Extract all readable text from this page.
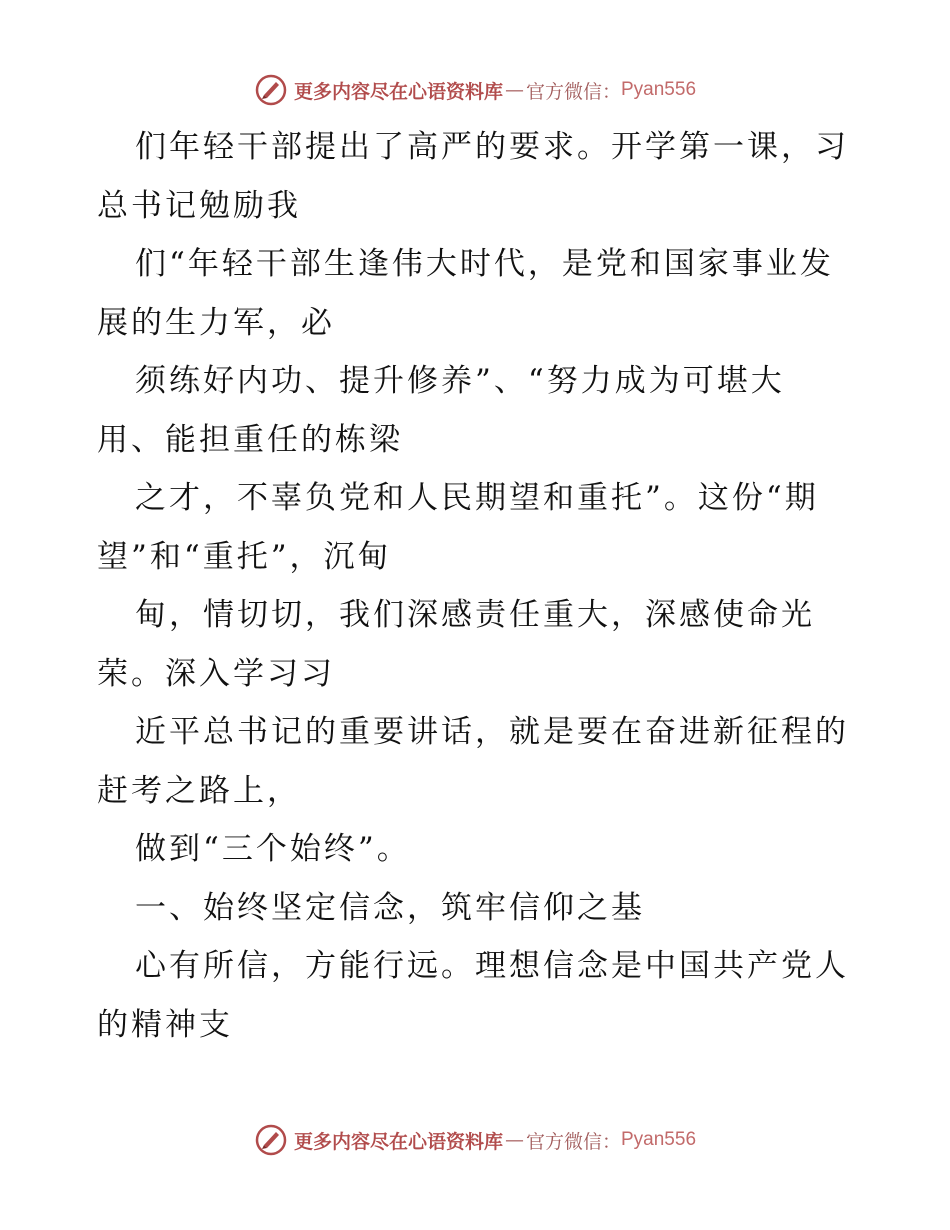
更多内容尽在心语资料库 — 官方微信： Pyan556
们年轻干部提出了高严的要求。开学第一课，习
总书记勉励我
们“年轻干部生逢伟大时代，是党和国家事业发
展的生力军，必
须练好内功、提升修养”、“努力成为可堪大
用、能担重任的栋梁
之才，不辜负党和人民期望和重托”。这份“期
望”和“重托”，沉甸
甸，情切切，我们深感责任重大，深感使命光
荣。深入学习习
近平总书记的重要讲话，就是要在奋进新征程的
赶考之路上，
做到“三个始终”。
一、始终坚定信念，筑牢信仰之基
心有所信，方能行远。理想信念是中国共产党人
的精神支
更多内容尽在心语资料库 — 官方微信： Pyan556
